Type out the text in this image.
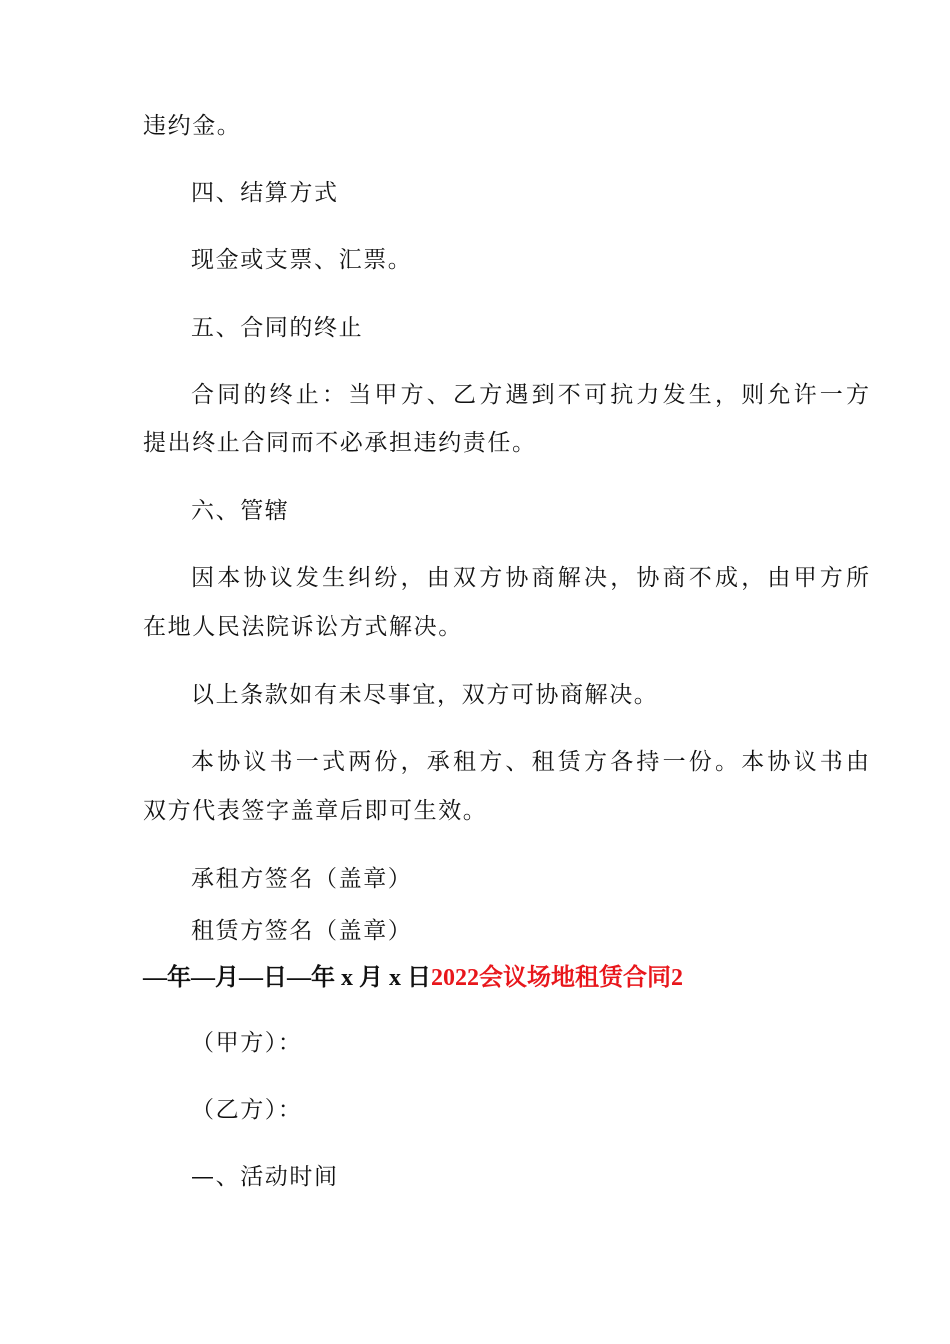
违约金。
四、结算方式
现金或支票、汇票。
五、合同的终止
合同的终止：当甲方、乙方遇到不可抗力发生，则允许一方
提出终止合同而不必承担违约责任。
六、管辖
因本协议发生纠纷，由双方协商解决，协商不成，由甲方所
在地人民法院诉讼方式解决。
以上条款如有未尽事宜，双方可协商解决。
本协议书一式两份，承租方、租赁方各持一份。本协议书由
双方代表签字盖章后即可生效。
承租方签名（盖章）
租赁方签名（盖章）
—年—月—日—年 x 月 x 日2022会议场地租赁合同2
（甲方）：
（乙方）：
—、活动时间
